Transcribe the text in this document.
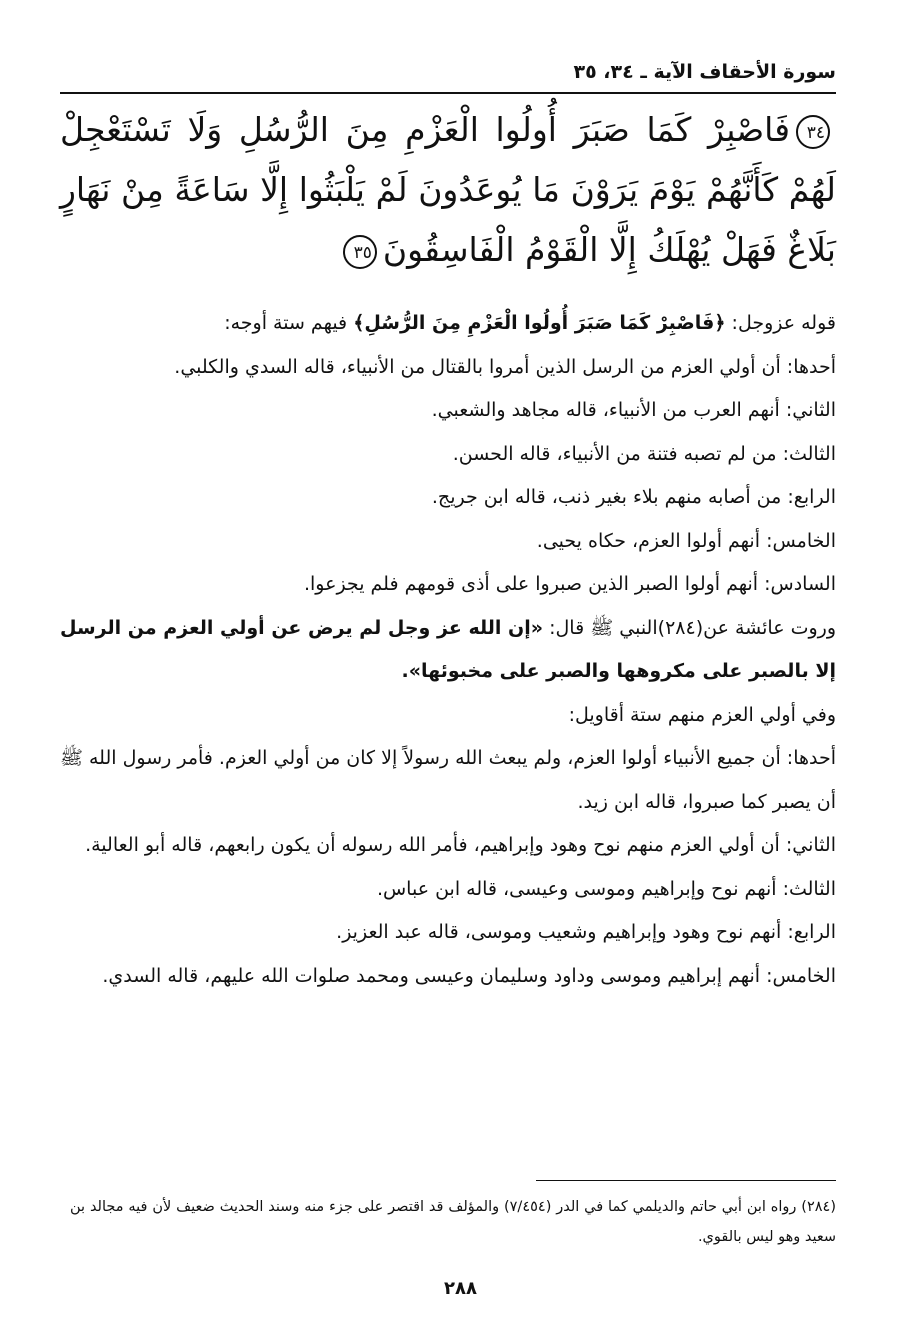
سورة الأحقاف الآية ـ ٣٤، ٣٥
٣٤فَاصْبِرْ كَمَا صَبَرَ أُولُوا الْعَزْمِ مِنَ الرُّسُلِ وَلَا تَسْتَعْجِلْ لَهُمْ كَأَنَّهُمْ يَوْمَ يَرَوْنَ مَا يُوعَدُونَ لَمْ يَلْبَثُوا إِلَّا سَاعَةً مِنْ نَهَارٍ بَلَاغٌ فَهَلْ يُهْلَكُ إِلَّا الْقَوْمُ الْفَاسِقُونَ٣٥

قوله عزوجل: ﴿فَاصْبِرْ كَمَا صَبَرَ أُولُوا الْعَزْمِ مِنَ الرُّسُلِ﴾ فيهم ستة أوجه:

أحدها: أن أولي العزم من الرسل الذين أمروا بالقتال من الأنبياء، قاله السدي والكلبي.

الثاني: أنهم العرب من الأنبياء، قاله مجاهد والشعبي.

الثالث: من لم تصبه فتنة من الأنبياء، قاله الحسن.

الرابع: من أصابه منهم بلاء بغير ذنب، قاله ابن جريج.

الخامس: أنهم أولوا العزم، حكاه يحيى.

السادس: أنهم أولوا الصبر الذين صبروا على أذى قومهم فلم يجزعوا.

وروت عائشة عن(٢٨٤)النبي ﷺ قال: «إن الله عز وجل لم يرض عن أولي العزم من الرسل إلا بالصبر على مكروهها والصبر على مخبوئها».

وفي أولي العزم منهم ستة أقاويل:

أحدها: أن جميع الأنبياء أولوا العزم، ولم يبعث الله رسولاً إلا كان من أولي العزم. فأمر رسول الله ﷺ أن يصبر كما صبروا، قاله ابن زيد.

الثاني: أن أولي العزم منهم نوح وهود وإبراهيم، فأمر الله رسوله أن يكون رابعهم، قاله أبو العالية.

الثالث: أنهم نوح وإبراهيم وموسى وعيسى، قاله ابن عباس.

الرابع: أنهم نوح وهود وإبراهيم وشعيب وموسى، قاله عبد العزيز.

الخامس: أنهم إبراهيم وموسى وداود وسليمان وعيسى ومحمد صلوات الله عليهم، قاله السدي.

(٢٨٤) رواه ابن أبي حاتم والديلمي كما في الدر (٧/٤٥٤) والمؤلف قد اقتصر على جزء منه وسند الحديث ضعيف لأن فيه مجالد بن سعيد وهو ليس بالقوي.

٢٨٨
